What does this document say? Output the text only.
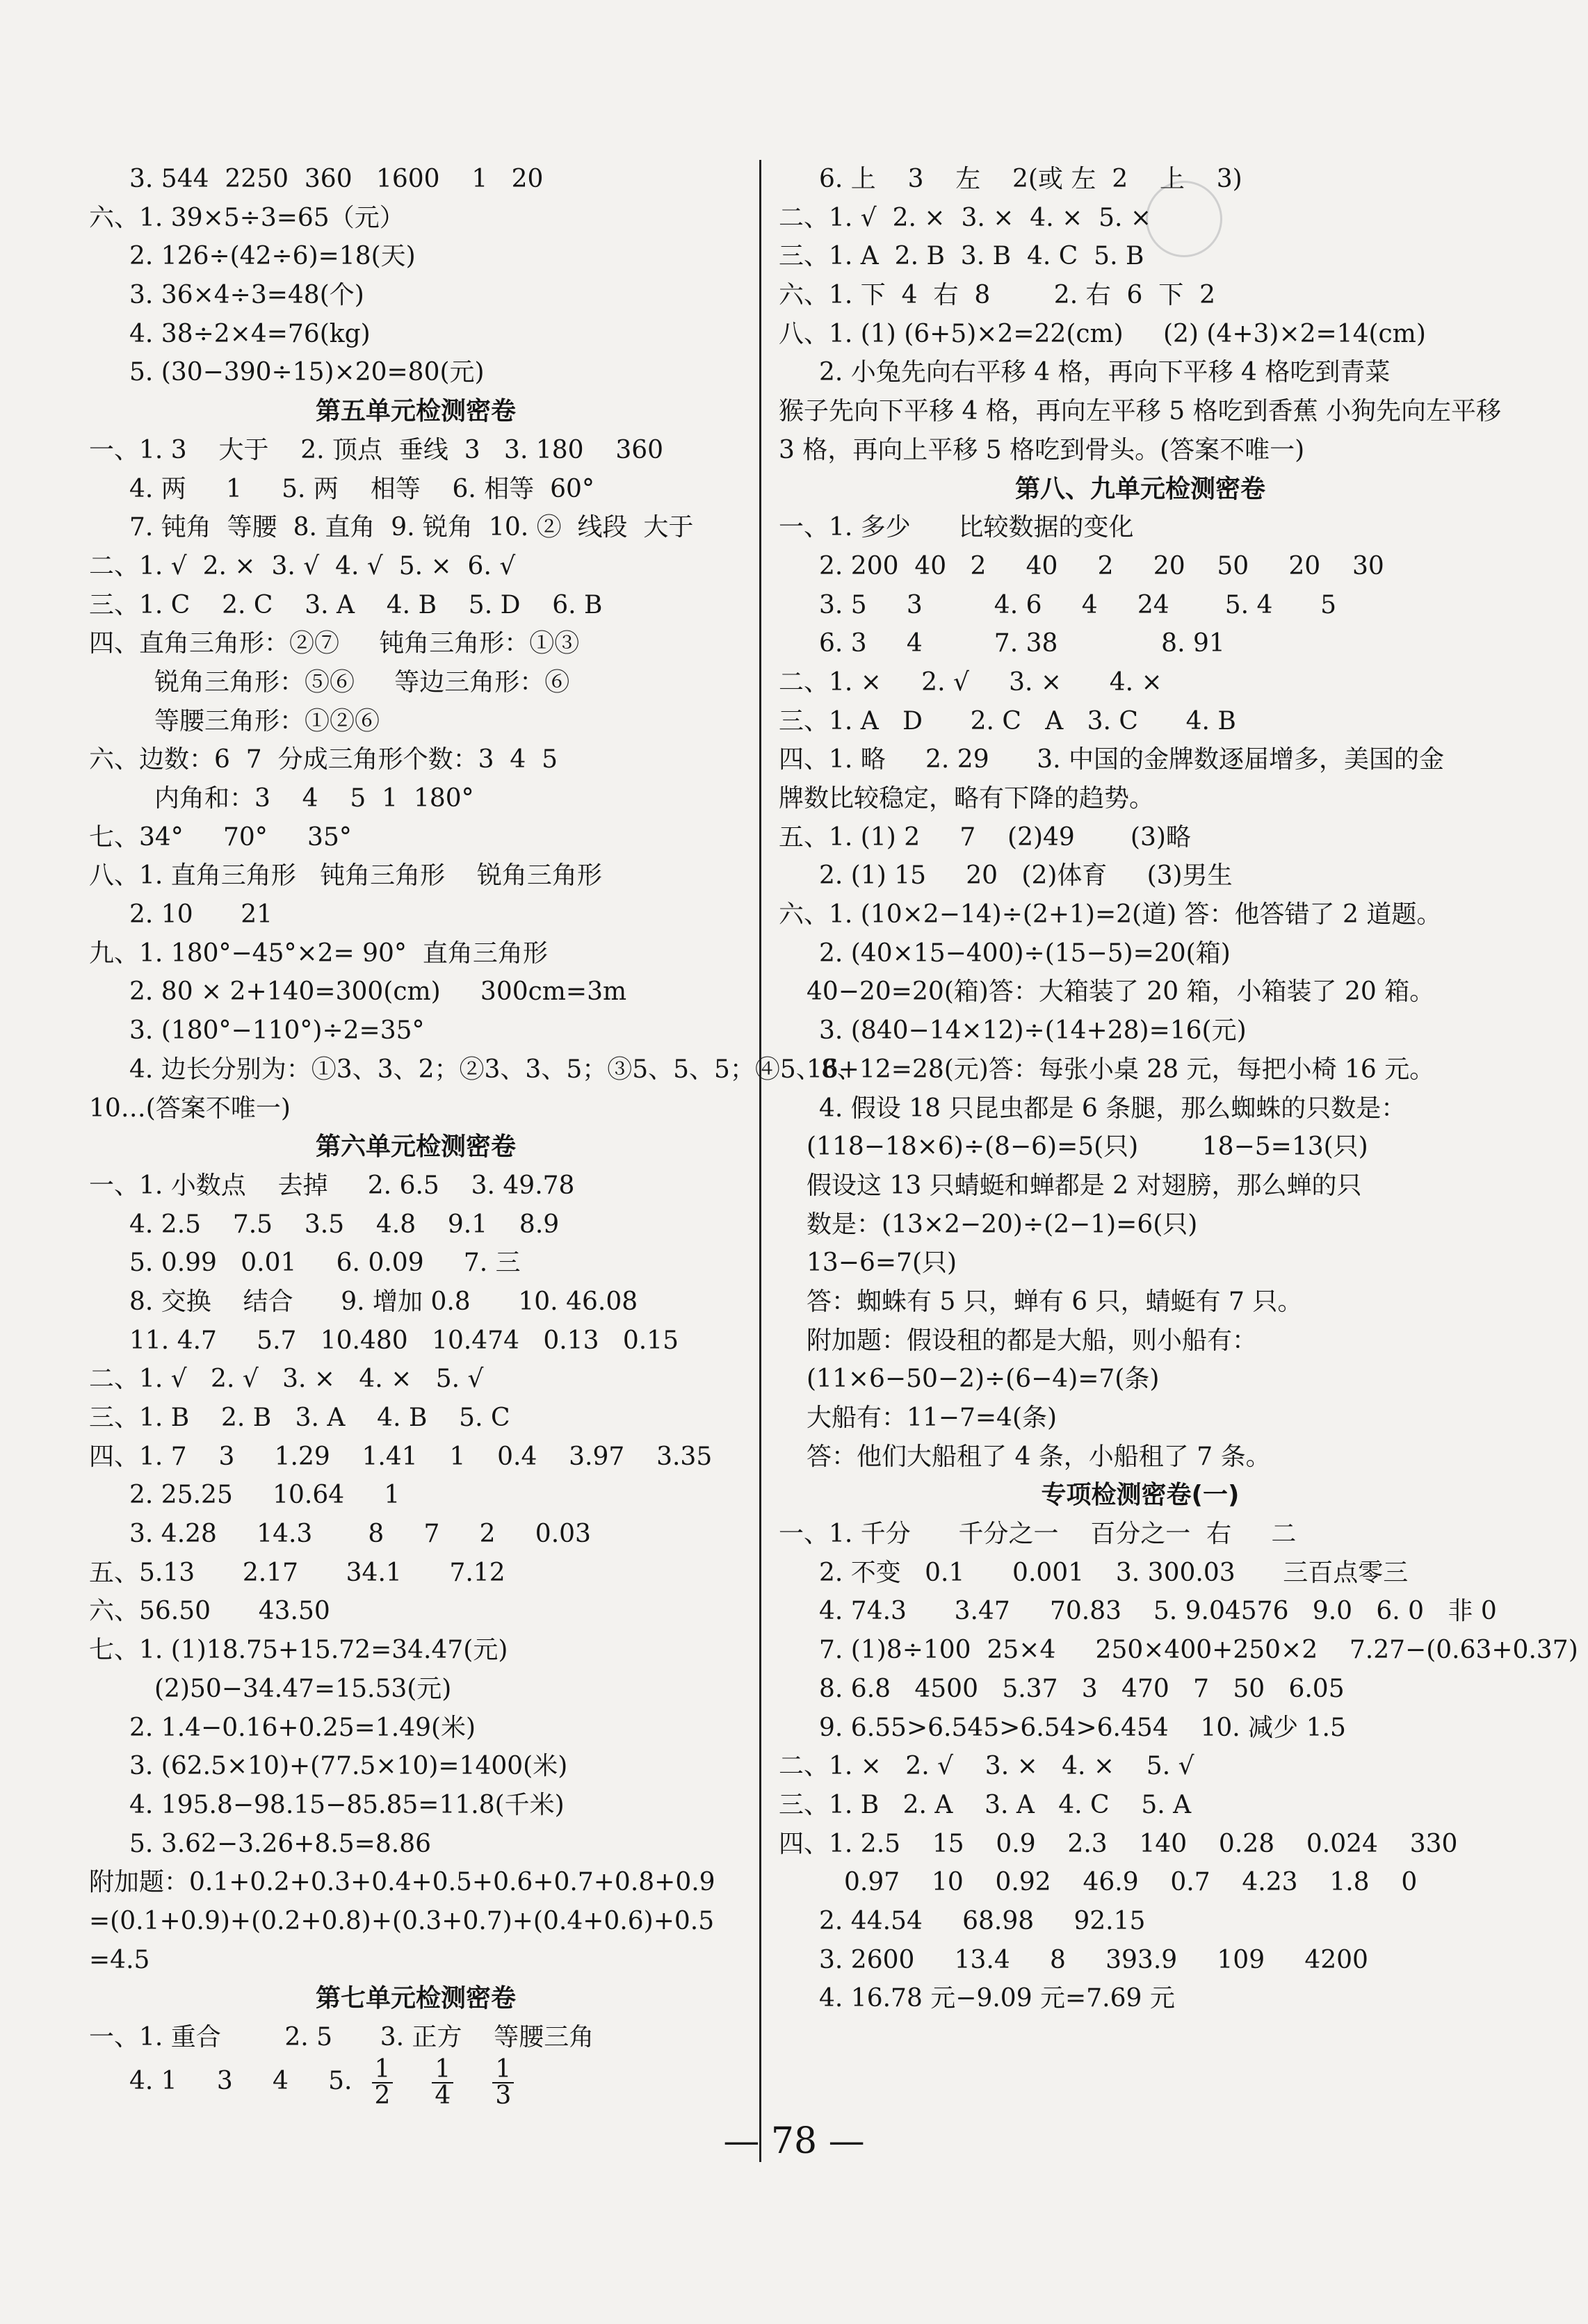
3. 544  2250  360   1600    1   20
六、1. 39×5÷3=65（元）
2. 126÷(42÷6)=18(天)
3. 36×4÷3=48(个)
4. 38÷2×4=76(kg)
5. (30−390÷15)×20=80(元)
第五单元检测密卷
一、1. 3    大于    2. 顶点  垂线  3   3. 180    360
4. 两     1     5. 两    相等    6. 相等  60°
7. 钝角  等腰  8. 直角  9. 锐角  10. ②  线段  大于
二、1. √  2. ×  3. √  4. √  5. ×  6. √
三、1. C    2. C    3. A    4. B    5. D    6. B
四、直角三角形：②⑦     钝角三角形：①③
锐角三角形：⑤⑥     等边三角形：⑥
等腰三角形：①②⑥
六、边数：6  7  分成三角形个数：3  4  5
内角和：3    4    5  1  180°
七、34°     70°     35°
八、1. 直角三角形   钝角三角形    锐角三角形
2. 10      21
九、1. 180°−45°×2= 90°  直角三角形
2. 80 × 2+140=300(cm)     300cm=3m
3. (180°−110°)÷2=35°
4. 边长分别为：①3、3、2；②3、3、5；③5、5、5；④5、8、
10…(答案不唯一)
第六单元检测密卷
一、1. 小数点    去掉     2. 6.5    3. 49.78
4. 2.5    7.5    3.5    4.8    9.1    8.9
5. 0.99   0.01     6. 0.09     7. 三
8. 交换    结合      9. 增加 0.8      10. 46.08
11. 4.7     5.7   10.480   10.474   0.13   0.15
二、1. √   2. √   3. ×   4. ×   5. √
三、1. B    2. B   3. A    4. B    5. C
四、1. 7    3     1.29    1.41    1    0.4    3.97    3.35
2. 25.25     10.64     1
3. 4.28     14.3       8     7     2     0.03
五、5.13      2.17      34.1      7.12
六、56.50      43.50
七、1. (1)18.75+15.72=34.47(元)
(2)50−34.47=15.53(元)
2. 1.4−0.16+0.25=1.49(米)
3. (62.5×10)+(77.5×10)=1400(米)
4. 195.8−98.15−85.85=11.8(千米)
5. 3.62−3.26+8.5=8.86
附加题：0.1+0.2+0.3+0.4+0.5+0.6+0.7+0.8+0.9
=(0.1+0.9)+(0.2+0.8)+(0.3+0.7)+(0.4+0.6)+0.5
=4.5
第七单元检测密卷
一、1. 重合        2. 5      3. 正方    等腰三角
4. 1     3     4     5. $\frac{1}{2} \frac{1}{4} \frac{1}{3}$
6. 上    3    左    2(或 左  2    上    3)
二、1. √  2. ×  3. ×  4. ×  5. ×
三、1. A  2. B  3. B  4. C  5. B
六、1. 下  4  右  8        2. 右  6  下  2
八、1. (1) (6+5)×2=22(cm)     (2) (4+3)×2=14(cm)
2. 小兔先向右平移 4 格，再向下平移 4 格吃到青菜
猴子先向下平移 4 格，再向左平移 5 格吃到香蕉 小狗先向左平移 3 格，再向上平移 5 格吃到骨头。(答案不唯一)
第八、九单元检测密卷
一、1. 多少      比较数据的变化
2. 200  40   2     40     2     20    50     20    30
3. 5     3         4. 6     4     24       5. 4      5
6. 3     4         7. 38             8. 91
二、1. ×     2. √     3. ×      4. ×
三、1. A   D      2. C   A   3. C      4. B
四、1. 略     2. 29      3. 中国的金牌数逐届增多，美国的金
牌数比较稳定，略有下降的趋势。
五、1. (1) 2     7    (2)49       (3)略
2. (1) 15     20   (2)体育     (3)男生
六、1. (10×2−14)÷(2+1)=2(道) 答：他答错了 2 道题。
2. (40×15−400)÷(15−5)=20(箱)
40−20=20(箱)答：大箱装了 20 箱，小箱装了 20 箱。
3. (840−14×12)÷(14+28)=16(元)
16+12=28(元)答：每张小桌 28 元，每把小椅 16 元。
4. 假设 18 只昆虫都是 6 条腿，那么蜘蛛的只数是：
(118−18×6)÷(8−6)=5(只)        18−5=13(只)
假设这 13 只蜻蜓和蝉都是 2 对翅膀，那么蝉的只
数是：(13×2−20)÷(2−1)=6(只)
13−6=7(只)
答：蜘蛛有 5 只，蝉有 6 只，蜻蜓有 7 只。
附加题：假设租的都是大船，则小船有：
(11×6−50−2)÷(6−4)=7(条)
大船有：11−7=4(条)
答：他们大船租了 4 条，小船租了 7 条。
专项检测密卷(一)
一、1. 千分      千分之一    百分之一  右     二
2. 不变   0.1      0.001    3. 300.03      三百点零三
4. 74.3      3.47     70.83    5. 9.04576   9.0   6. 0   非 0
7. (1)8÷100  25×4     250×400+250×2    7.27−(0.63+0.37)
8. 6.8   4500   5.37   3   470   7   50   6.05
9. 6.55>6.545>6.54>6.454    10. 减少 1.5
二、1. ×   2. √    3. ×   4. ×    5. √
三、1. B   2. A    3. A   4. C    5. A
四、1. 2.5    15    0.9    2.3    140    0.28    0.024    330
0.97    10    0.92    46.9    0.7    4.23    1.8    0
2. 44.54     68.98     92.15
3. 2600     13.4     8     393.9     109     4200
4. 16.78 元−9.09 元=7.69 元
— 78 —
